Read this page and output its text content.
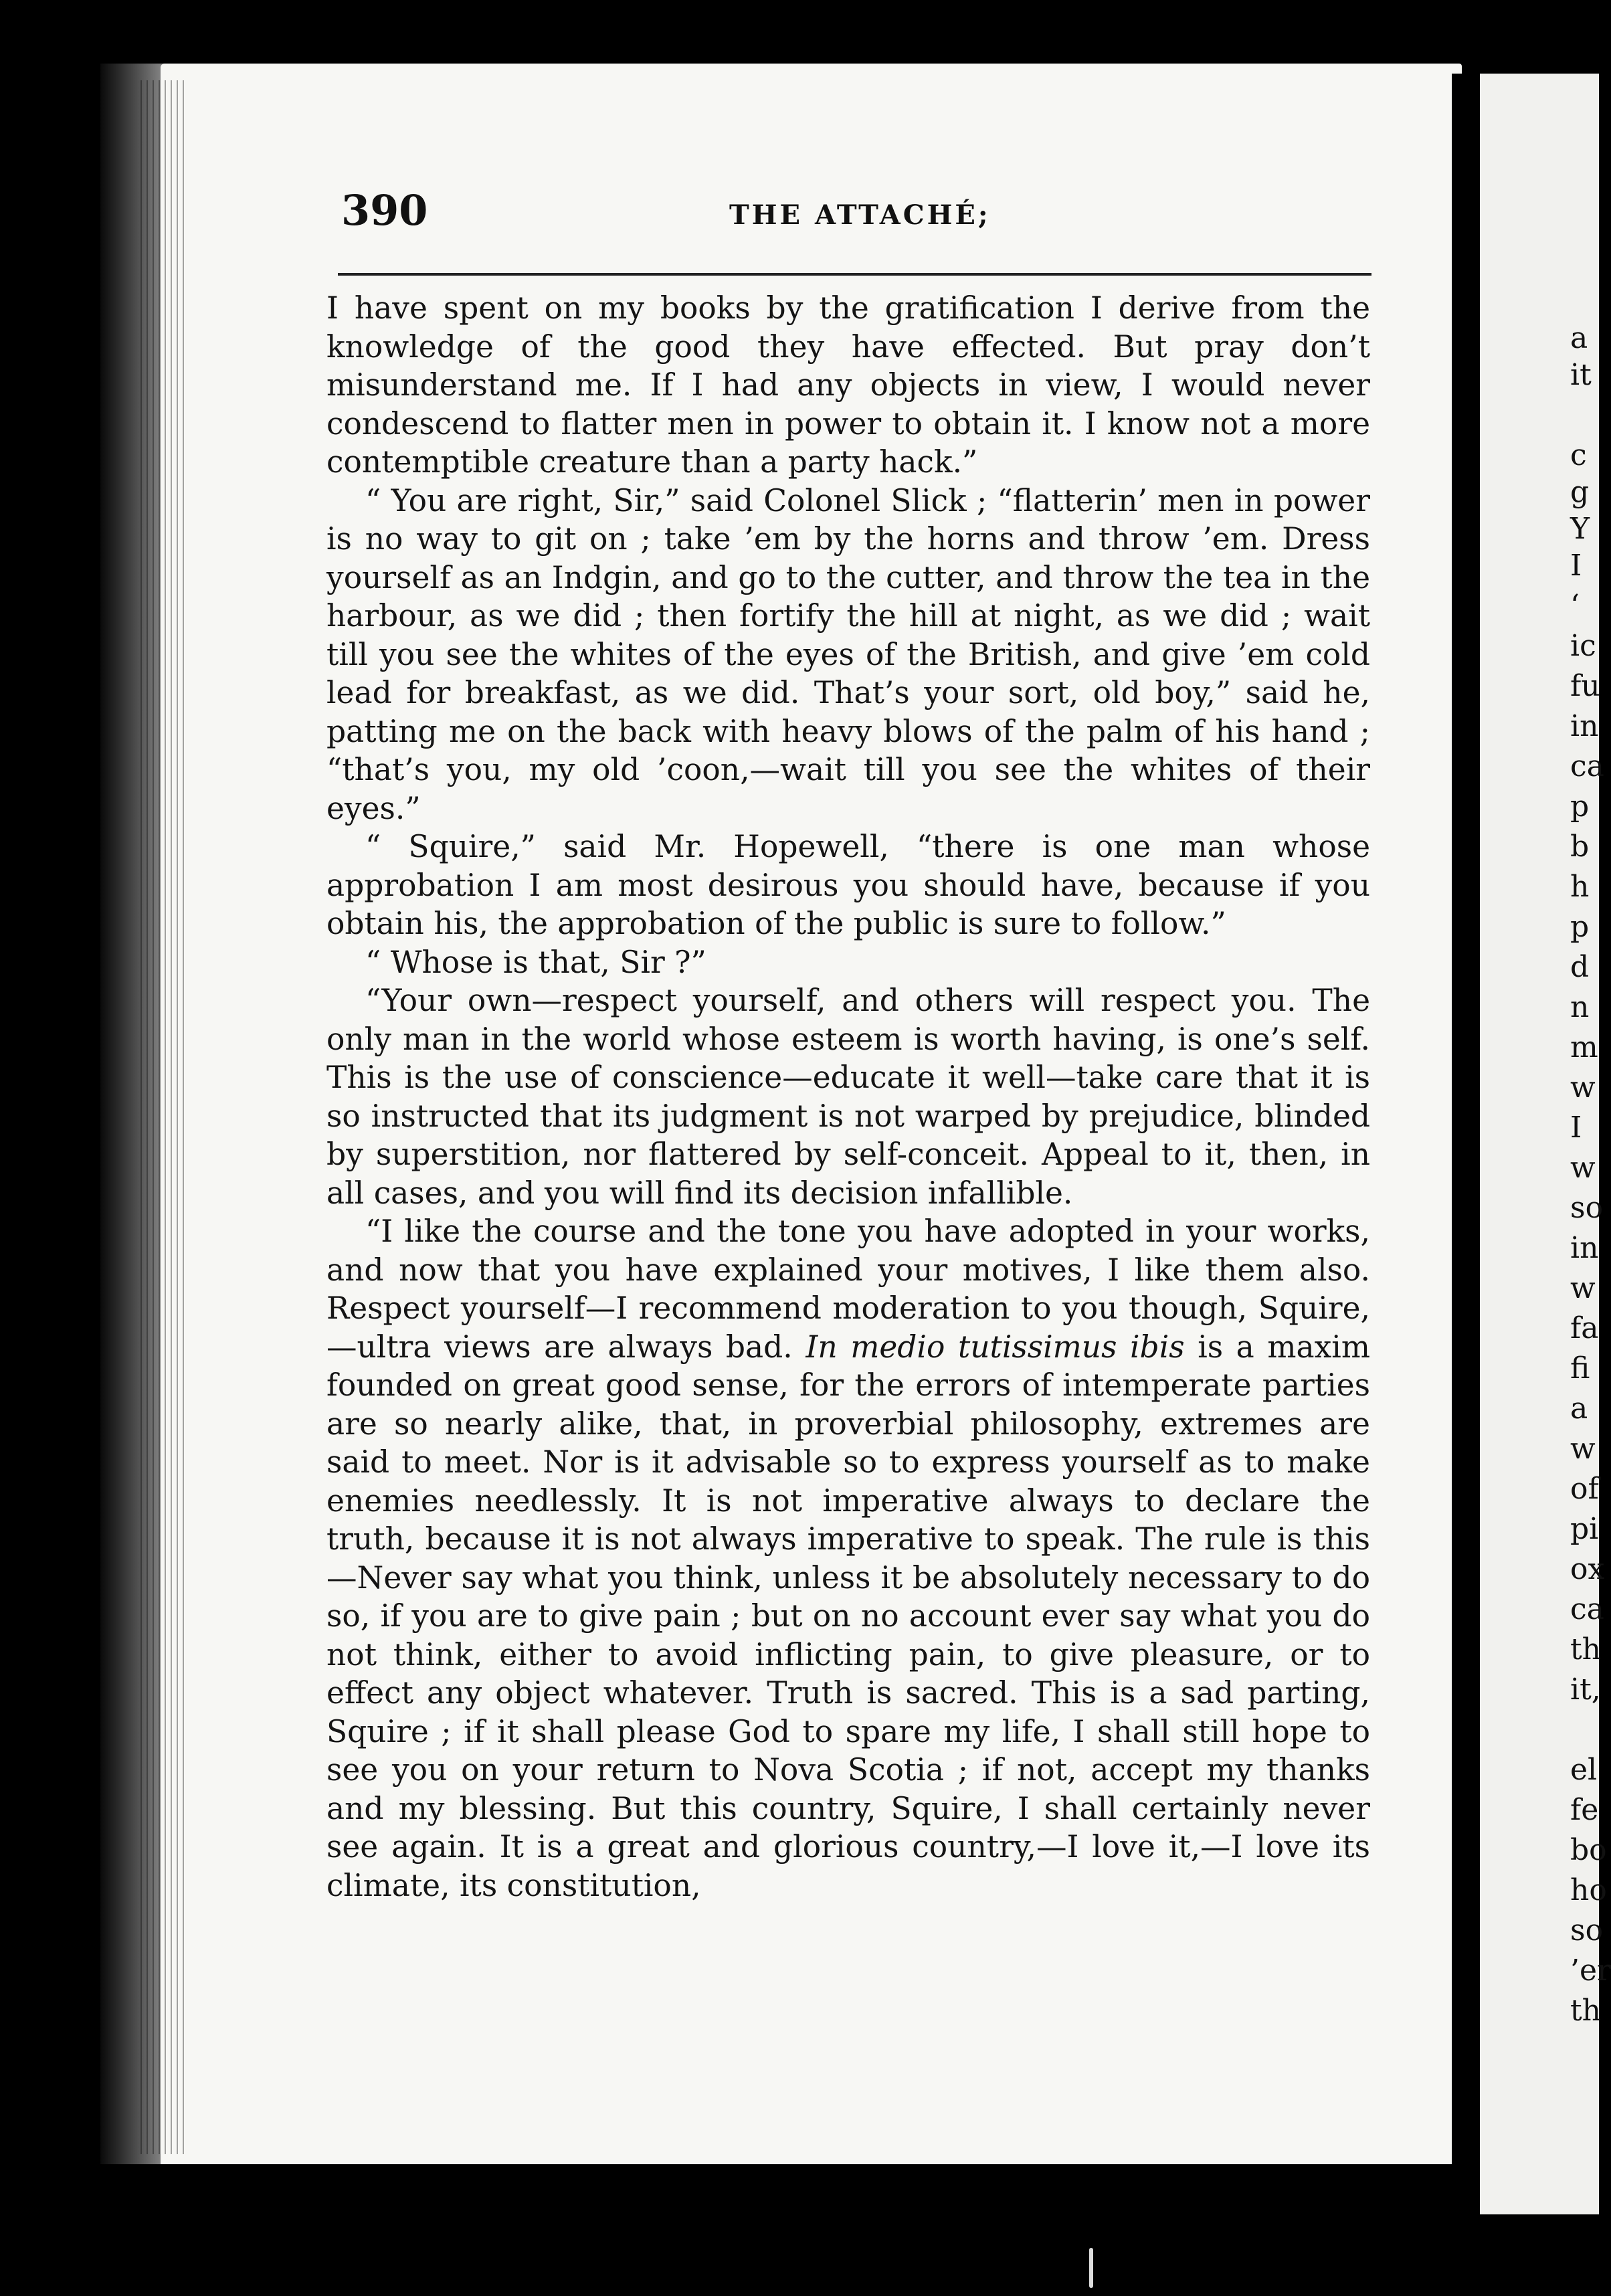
390	THE ATTACHÉ;

I have spent on my books by the gratification I derive from the knowledge of the good they have effected. But pray don’t misunderstand me. If I had any objects in view, I would never condescend to flatter men in power to obtain it. I know not a more contemptible creature than a party hack.”

“ You are right, Sir,” said Colonel Slick ; “flatterin’ men in power is no way to git on ; take ’em by the horns and throw ’em. Dress yourself as an Indgin, and go to the cutter, and throw the tea in the harbour, as we did ; then fortify the hill at night, as we did ; wait till you see the whites of the eyes of the British, and give ’em cold lead for breakfast, as we did. That’s your sort, old boy,” said he, patting me on the back with heavy blows of the palm of his hand ; “that’s you, my old ’coon,—wait till you see the whites of their eyes.”

“ Squire,” said Mr. Hopewell, “there is one man whose approbation I am most desirous you should have, because if you obtain his, the approbation of the public is sure to follow.”

“ Whose is that, Sir ?”

“Your own—respect yourself, and others will respect you. The only man in the world whose esteem is worth having, is one’s self. This is the use of conscience—educate it well—take care that it is so instructed that its judgment is not warped by prejudice, blinded by superstition, nor flattered by self-conceit. Appeal to it, then, in all cases, and you will find its decision infallible.

“I like the course and the tone you have adopted in your works, and now that you have explained your motives, I like them also. Respect yourself—I recommend moderation to you though, Squire, —ultra views are always bad. In medio tutissimus ibis is a maxim founded on great good sense, for the errors of intemperate parties are so nearly alike, that, in proverbial philosophy, extremes are said to meet. Nor is it advisable so to express yourself as to make enemies needlessly. It is not imperative always to declare the truth, because it is not always imperative to speak. The rule is this—Never say what you think, unless it be absolutely necessary to do so, if you are to give pain ; but on no account ever say what you do not think, either to avoid inflicting pain, to give pleasure, or to effect any object whatever. Truth is sacred. This is a sad parting, Squire ; if it shall please God to spare my life, I shall still hope to see you on your return to Nova Scotia ; if not, accept my thanks and my blessing. But this country, Squire, I shall certainly never see again. It is a great and glorious country,—I love it,—I love its climate, its constitution,

a
it
c
g
Y
I
‘
ic
fu
in
ca
p
b
h
p
d
n
m
w
I
w
so
in
w
fa
fi
a
w
of
pi
ox
ca
th
it,
el
fe
bo
ho
so
’er
th
